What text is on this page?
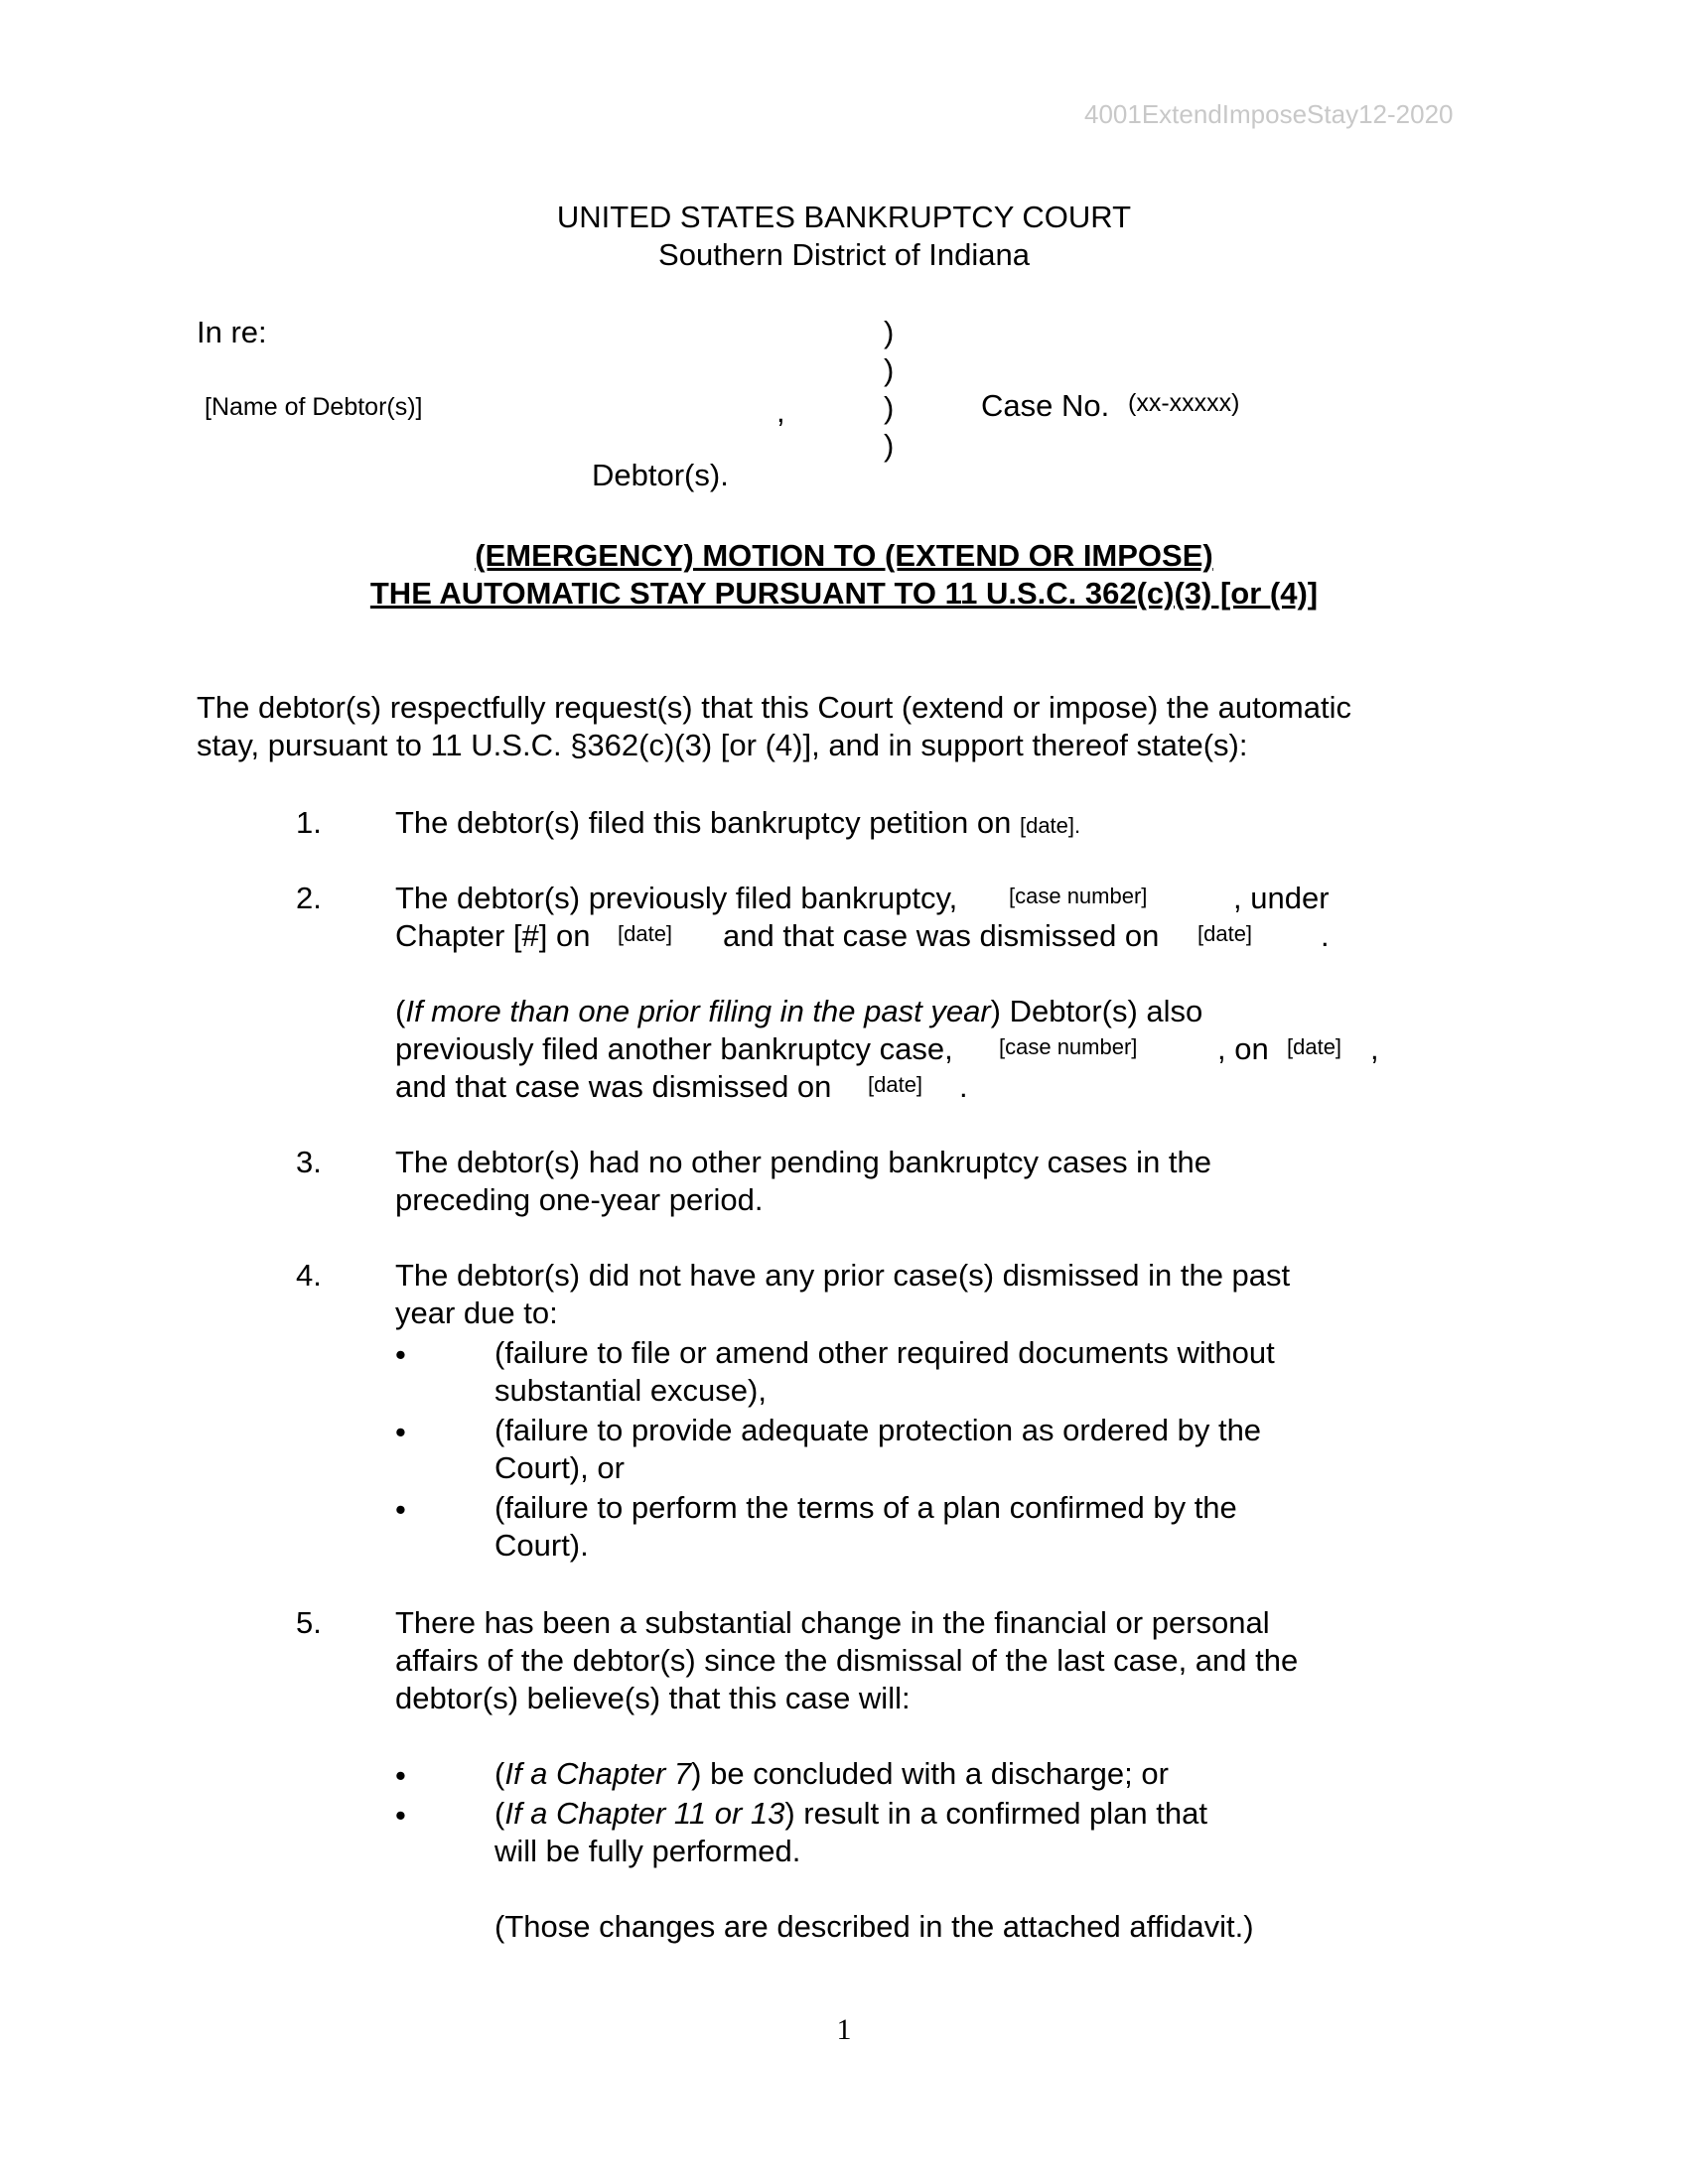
4001ExtendImposeStay12-2020
UNITED STATES BANKRUPTCY COURT
Southern District of Indiana
In re:
[Name of Debtor(s)]	,
)
)
)
)
Case No. (xx-xxxxx)
Debtor(s).
(EMERGENCY) MOTION TO (EXTEND OR IMPOSE)
THE AUTOMATIC STAY PURSUANT TO 11 U.S.C. 362(c)(3) [or (4)]
The debtor(s) respectfully request(s) that this Court (extend or impose) the automatic
stay, pursuant to 11 U.S.C. §362(c)(3) [or (4)], and in support thereof state(s):
1. The debtor(s) filed this bankruptcy petition on [date].
2. The debtor(s) previously filed bankruptcy, [case number]	, under
Chapter [#] on [date] and that case was dismissed on [date] .
(If more than one prior filing in the past year) Debtor(s) also
previously filed another bankruptcy case, [case number]	, on [date] ,
and that case was dismissed on [date] .
3. The debtor(s) had no other pending bankruptcy cases in the
preceding one-year period.
4. The debtor(s) did not have any prior case(s) dismissed in the past
year due to:
•	(failure to file or amend other required documents without
substantial excuse),
•	(failure to provide adequate protection as ordered by the
Court), or
•	(failure to perform the terms of a plan confirmed by the
Court).
5. There has been a substantial change in the financial or personal
affairs of the debtor(s) since the dismissal of the last case, and the
debtor(s) believe(s) that this case will:
•	(If a Chapter 7) be concluded with a discharge; or
•	(If a Chapter 11 or 13) result in a confirmed plan that
will be fully performed.
(Those changes are described in the attached affidavit.)
1
